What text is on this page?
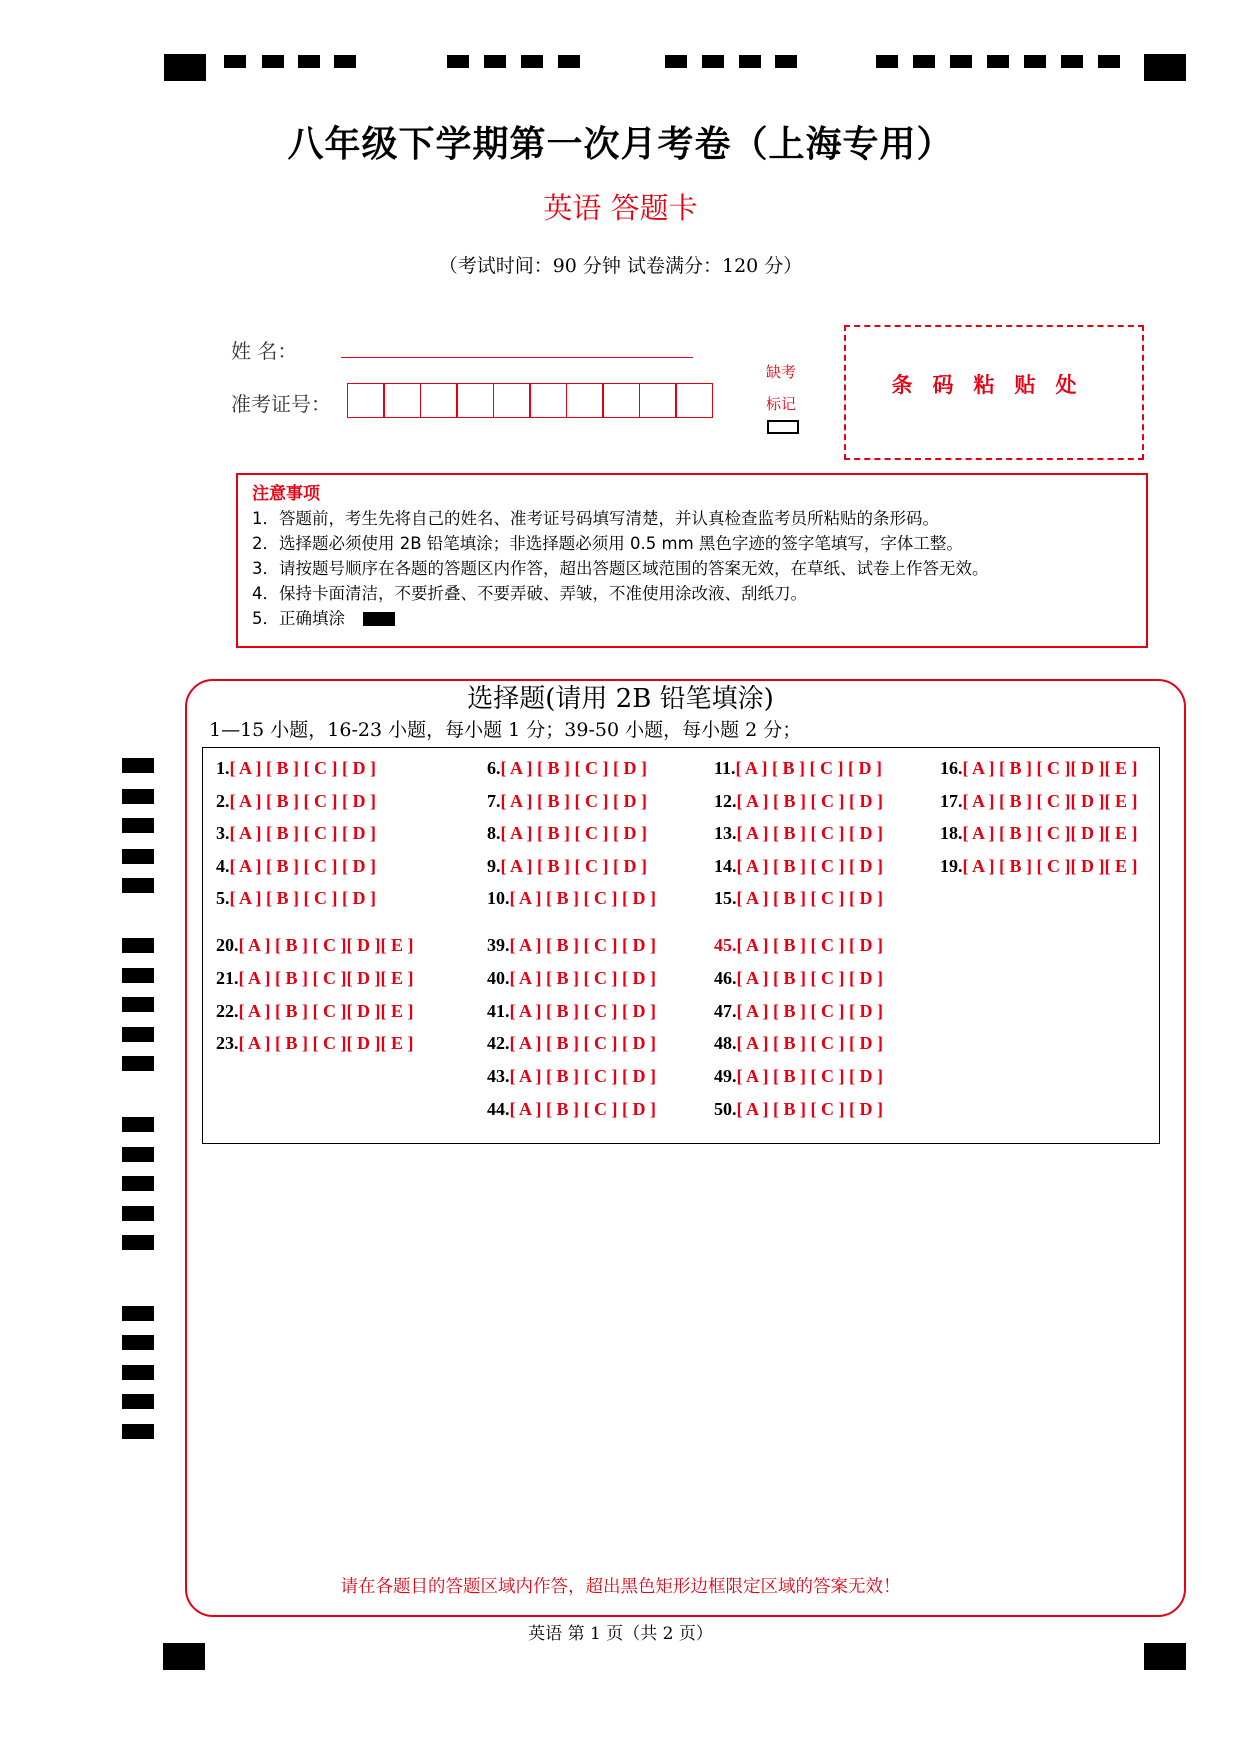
八年级下学期第一次月考卷（上海专用）
英语 答题卡
（考试时间：90 分钟 试卷满分：120 分）
姓 名：
准考证号：
缺考标记
条码粘贴处
注意事项
1．答题前，考生先将自己的姓名、准考证号码填写清楚，并认真检查监考员所粘贴的条形码。
2．选择题必须使用 2B 铅笔填涂；非选择题必须用 0.5 mm 黑色字迹的签字笔填写，字体工整。
3．请按题号顺序在各题的答题区内作答，超出答题区域范围的答案无效，在草纸、试卷上作答无效。
4．保持卡面清洁，不要折叠、不要弄破、弄皱，不准使用涂改液、刮纸刀。
5．正确填涂
选择题(请用 2B 铅笔填涂)
1—15 小题，16-23 小题，每小题 1 分；39-50 小题，每小题 2 分；
1.[ A ] [ B ] [ C ] [ D ]
2.[ A ] [ B ] [ C ] [ D ]
3.[ A ] [ B ] [ C ] [ D ]
4.[ A ] [ B ] [ C ] [ D ]
5.[ A ] [ B ] [ C ] [ D ]
6.[ A ] [ B ] [ C ] [ D ]
7.[ A ] [ B ] [ C ] [ D ]
8.[ A ] [ B ] [ C ] [ D ]
9.[ A ] [ B ] [ C ] [ D ]
10.[ A ] [ B ] [ C ] [ D ]
11.[ A ] [ B ] [ C ] [ D ]
12.[ A ] [ B ] [ C ] [ D ]
13.[ A ] [ B ] [ C ] [ D ]
14.[ A ] [ B ] [ C ] [ D ]
15.[ A ] [ B ] [ C ] [ D ]
16.[ A ] [ B ] [ C ][ D ][ E ]
17.[ A ] [ B ] [ C ][ D ][ E ]
18.[ A ] [ B ] [ C ][ D ][ E ]
19.[ A ] [ B ] [ C ][ D ][ E ]
20.[ A ] [ B ] [ C ][ D ][ E ]
21.[ A ] [ B ] [ C ][ D ][ E ]
22.[ A ] [ B ] [ C ][ D ][ E ]
23.[ A ] [ B ] [ C ][ D ][ E ]
39.[ A ] [ B ] [ C ] [ D ]
40.[ A ] [ B ] [ C ] [ D ]
41.[ A ] [ B ] [ C ] [ D ]
42.[ A ] [ B ] [ C ] [ D ]
43.[ A ] [ B ] [ C ] [ D ]
44.[ A ] [ B ] [ C ] [ D ]
45.[ A ] [ B ] [ C ] [ D ]
46.[ A ] [ B ] [ C ] [ D ]
47.[ A ] [ B ] [ C ] [ D ]
48.[ A ] [ B ] [ C ] [ D ]
49.[ A ] [ B ] [ C ] [ D ]
50.[ A ] [ B ] [ C ] [ D ]
请在各题目的答题区域内作答，超出黑色矩形边框限定区域的答案无效！
英语 第 1 页（共 2 页）
